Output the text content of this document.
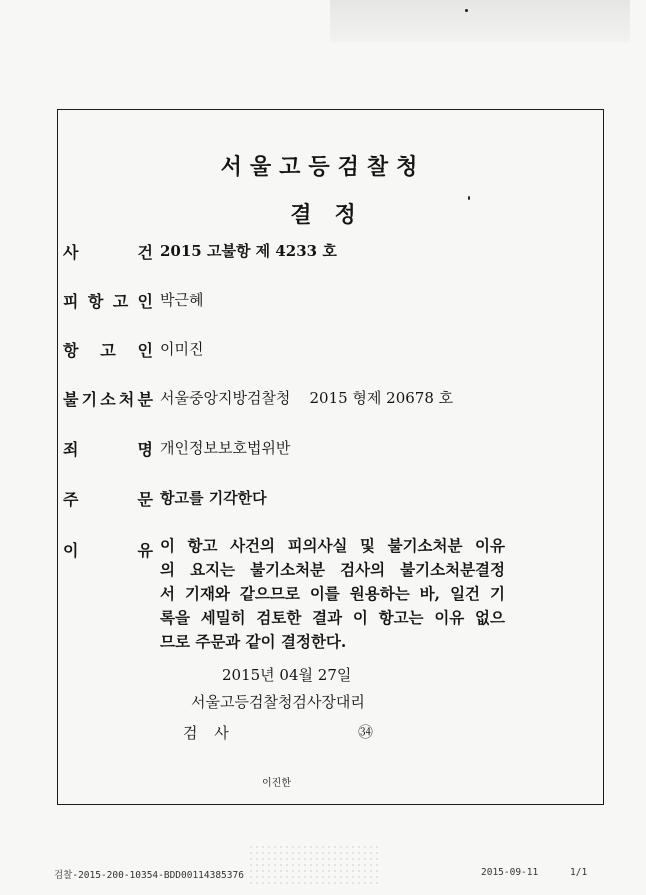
서울고등검찰청
결   정
사	건 2015 고불항 제 4233 호
피 항 고 인 박근혜
항 고 인 이미진
불 기 소 처 분 서울중앙지방검찰청    2015 형제 20678 호
죄	명 개인정보보호법위반
주	문 항고를 기각한다
이	유 이 항고 사건의 피의사실 및 불기소처분 이유
의 요지는 불기소처분 검사의 불기소처분결정
서 기재와 같으므로 이를 원용하는 바, 일건 기
록을 세밀히 검토한 결과 이 항고는 이유 없으
므로 주문과 같이 결정한다.
2015년 04월 27일
서울고등검찰청검사장대리
검 사	㉞
이진한
검찰-2015-200-10354-BDD00114385376	2015-09-11	1/1
